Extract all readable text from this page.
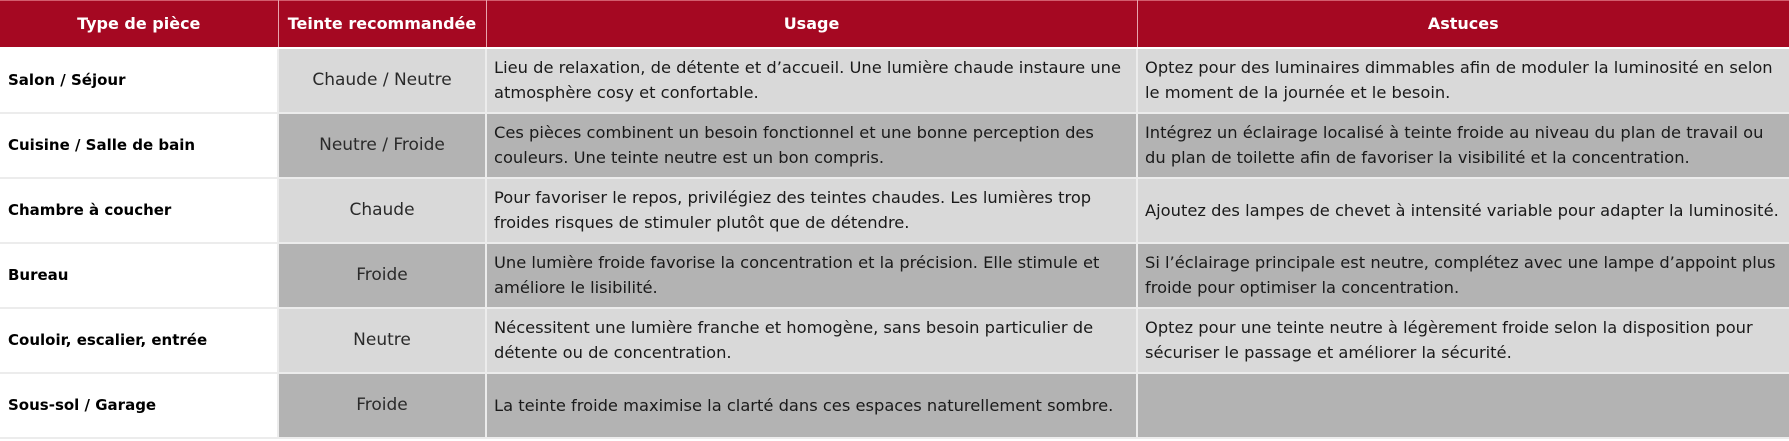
Type de pièce	Teinte recommandée	Usage	Astuces
Salon / Séjour	Chaude / Neutre	Lieu de relaxation, de détente et d’accueil. Une lumière chaude instaure une atmosphère cosy et confortable.	Optez pour des luminaires dimmables afin de moduler la luminosité en selon le moment de la journée et le besoin.
Cuisine / Salle de bain	Neutre / Froide	Ces pièces combinent un besoin fonctionnel et une bonne perception des couleurs. Une teinte neutre est un bon compris.	Intégrez un éclairage localisé à teinte froide au niveau du plan de travail ou du plan de toilette afin de favoriser la visibilité et la concentration.
Chambre à coucher	Chaude	Pour favoriser le repos, privilégiez des teintes chaudes. Les lumières trop froides risques de stimuler plutôt que de détendre.	Ajoutez des lampes de chevet à intensité variable pour adapter la luminosité.
Bureau	Froide	Une lumière froide favorise la concentration et la précision. Elle stimule et améliore le lisibilité.	Si l’éclairage principale est neutre, complétez avec une lampe d’appoint plus froide pour optimiser la concentration.
Couloir, escalier, entrée	Neutre	Nécessitent une lumière franche et homogène, sans besoin particulier de détente ou de concentration.	Optez pour une teinte neutre à légèrement froide selon la disposition pour sécuriser le passage et améliorer la sécurité.
Sous-sol / Garage	Froide	La teinte froide maximise la clarté dans ces espaces naturellement sombre.	
